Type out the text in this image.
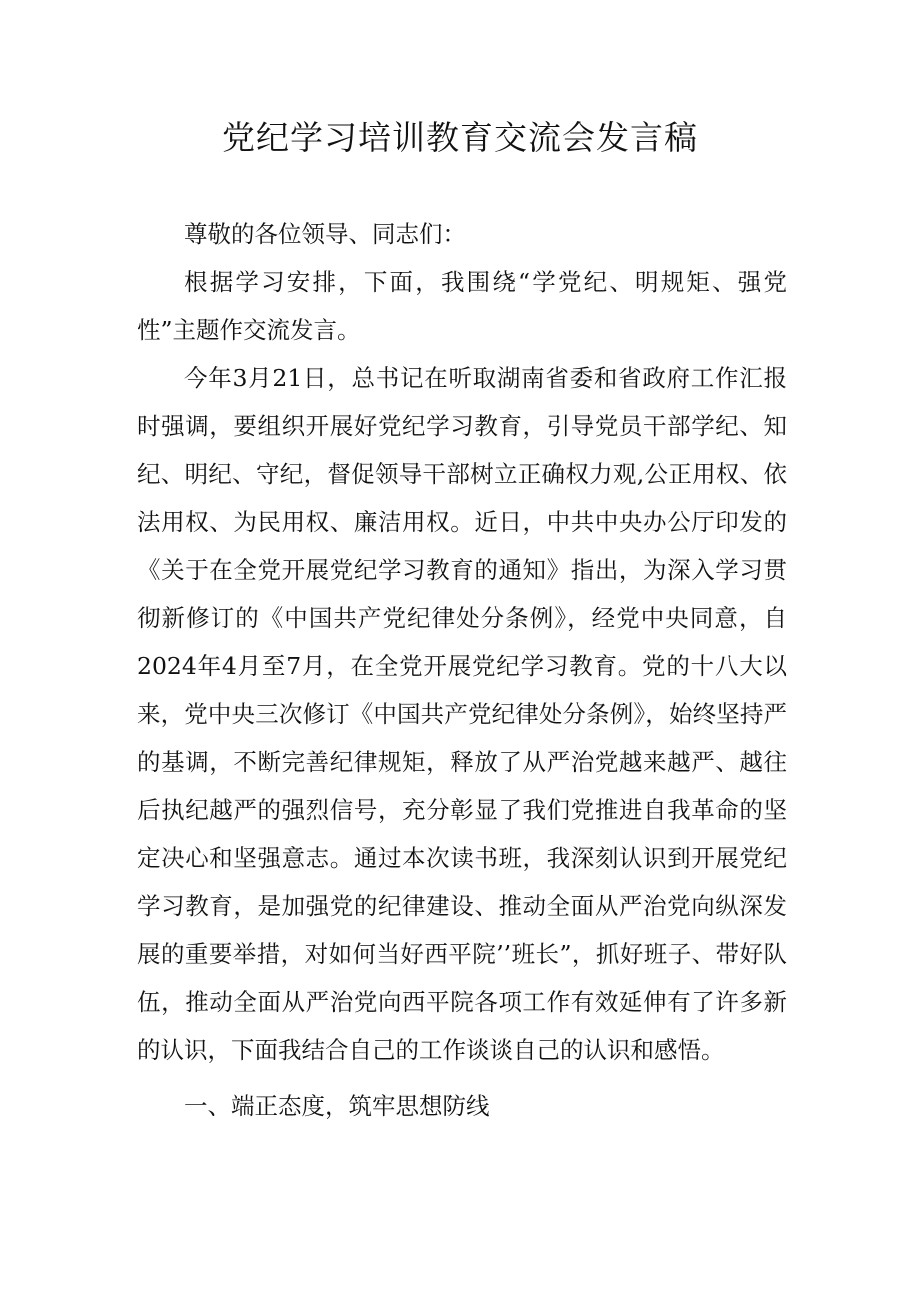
党纪学习培训教育交流会发言稿

尊敬的各位领导、同志们：

根据学习安排，下面，我围绕“学党纪、明规矩、强党性”主题作交流发言。

今年3月21日，总书记在听取湖南省委和省政府工作汇报时强调，要组织开展好党纪学习教育，引导党员干部学纪、知纪、明纪、守纪，督促领导干部树立正确权力观,公正用权、依法用权、为民用权、廉洁用权。近日，中共中央办公厅印发的《关于在全党开展党纪学习教育的通知》指出，为深入学习贯彻新修订的《中国共产党纪律处分条例》，经党中央同意，自2024年4月至7月，在全党开展党纪学习教育。党的十八大以来，党中央三次修订《中国共产党纪律处分条例》，始终坚持严的基调，不断完善纪律规矩，释放了从严治党越来越严、越往后执纪越严的强烈信号，充分彰显了我们党推进自我革命的坚定决心和坚强意志。通过本次读书班，我深刻认识到开展党纪学习教育，是加强党的纪律建设、推动全面从严治党向纵深发展的重要举措，对如何当好西平院’’班长”，抓好班子、带好队伍，推动全面从严治党向西平院各项工作有效延伸有了许多新的认识，下面我结合自己的工作谈谈自己的认识和感悟。

一、端正态度，筑牢思想防线
